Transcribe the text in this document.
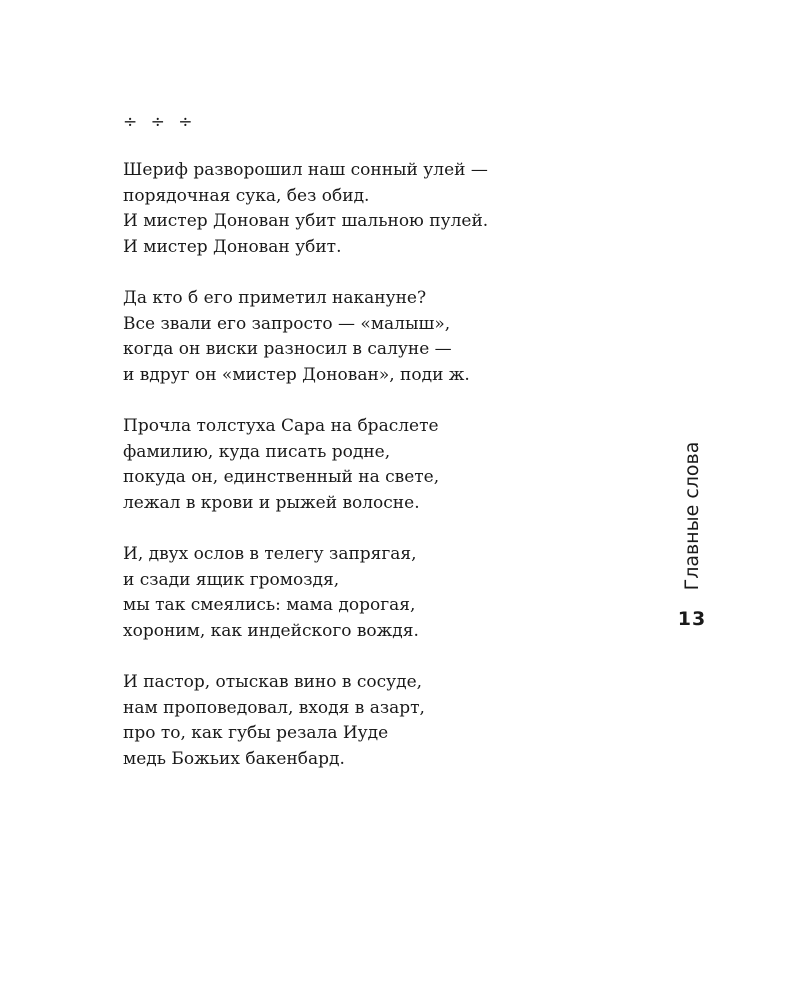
÷ ÷ ÷
Шериф разворошил наш сонный улей —
порядочная сука, без обид.
И мистер Донован убит шальною пулей.
И мистер Донован убит.
Да кто б его приметил накануне?
Все звали его запросто — «малыш»,
когда он виски разносил в салуне —
и вдруг он «мистер Донован», поди ж.
Прочла толстуха Сара на браслете
фамилию, куда писать родне,
покуда он, единственный на свете,
лежал в крови и рыжей волосне.
И, двух ослов в телегу запрягая,
и сзади ящик громоздя,
мы так смеялись: мама дорогая,
хороним, как индейского вождя.
И пастор, отыскав вино в сосуде,
нам проповедовал, входя в азарт,
про то, как губы резала Иуде
медь Божьих бакенбард.
Главные слова
13
